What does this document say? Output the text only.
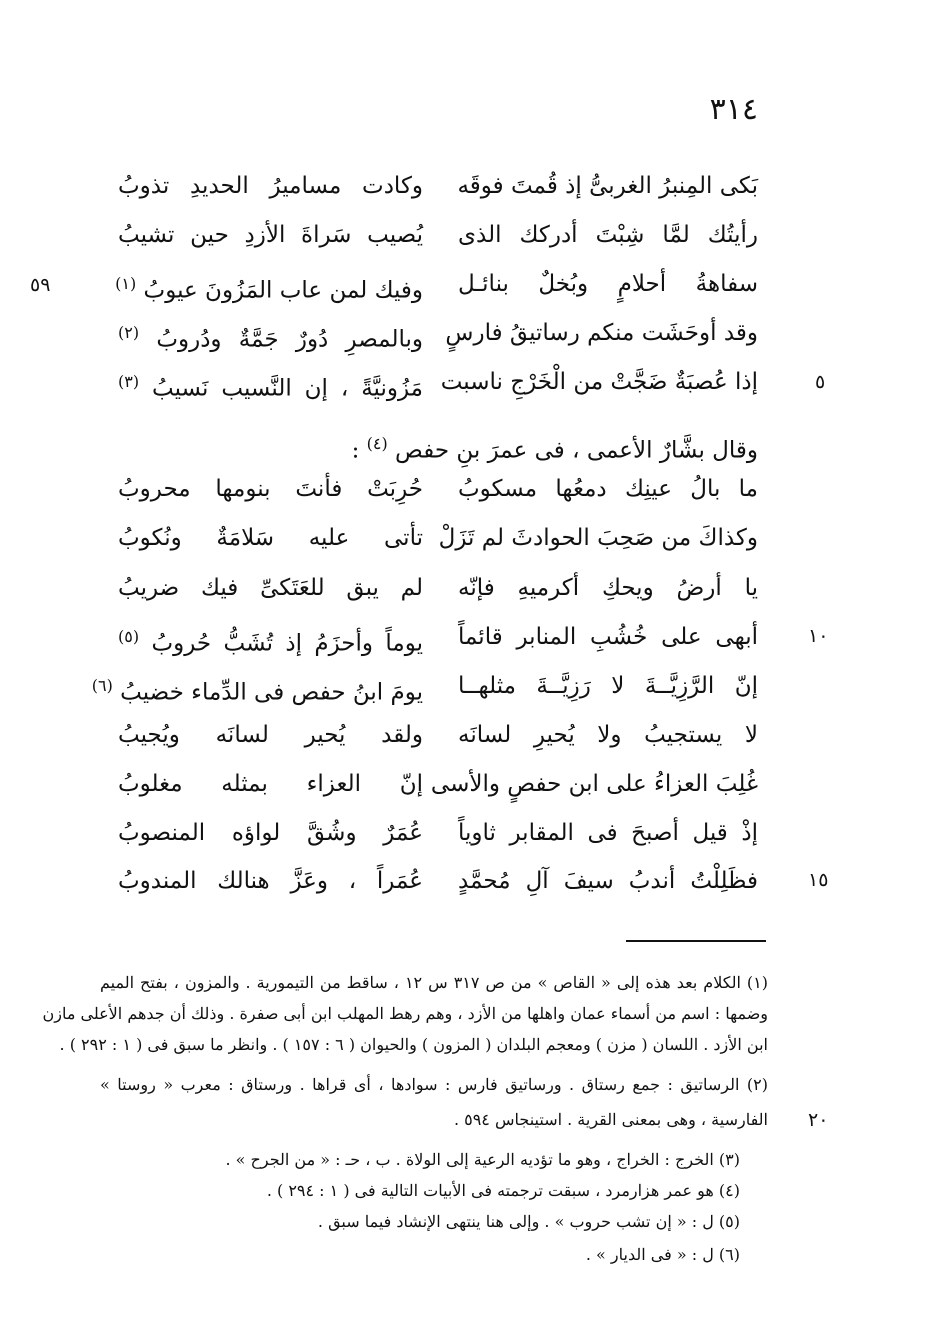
٣١٤
بَكى المِنبرُ الغربىُّ إذ قُمتَ فوقَه
وكادت مساميرُ الحديدِ تذوبُ
رأيتُك لمَّا شِبْتَ أدركك الذى
يُصيب سَراةَ الأزدِ حين تشيبُ
سفاهةُ أحلامٍ وبُخلٌ بنائـل
وفيك لمن عاب المَزُونَ عيوبُ $^{(١)}$
وقد أوحَشَت منكم رساتيقُ فارسٍ
وبالمصرِ دُورٌ جَمَّةٌ ودُروبُ $^{(٢)}$
إذا عُصبَةٌ ضَجَّتْ من الْخَرْجِ ناسبت
مَزُونيَّةً ، إن النَّسيب نَسيبُ $^{(٣)}$
وقال بشَّارٌ الأعمى ، فى عمرَ بنِ حفص $^{(٤)}$ :
ما بالُ عينِك دمعُها مسكوبُ
حُرِبَتْ فأنتَ بنومها محروبُ
وكذاكَ من صَحِبَ الحوادثَ لم تَزَلْ
تأتى عليه سَلامَةٌ ونُكوبُ
يا أرضُ ويحكِ أكرميهِ فإنّه
لم يبق للعَتَكىِّ فيك ضريبُ
أبهى على خُشُبِ المنابر قائماً
يوماً وأحزَمُ إذ تُشَبُّ حُروبُ $^{(٥)}$
إنّ الرَّزِيَّــةَ لا رَزِيَّــةَ مثلهــا
يومَ ابنُ حفص فى الدِّماء خضيبُ $^{(٦)}$
لا يستجيبُ ولا يُحيرِ لسانَه
ولقد يُحير لسانَه ويُجيبُ
غُلِبَ العزاءُ على ابن حفصٍ والأسى
إنّ العزاء بمثله مغلوبُ
إذْ قيل أصبحَ فى المقابر ثاوياً
عُمَرٌ وشُقَّ لواؤه المنصوبُ
فظَلِلْتُ أندبُ سيفَ آلِ مُحمَّدٍ
عُمَراً ، وعَزَّ هنالك المندوبُ
٥٩
٥
١٠
١٥
٢٠
(١) الكلام بعد هذه إلى « القاص » من ص ٣١٧ س ١٢ ، ساقط من التيمورية . والمزون ، بفتح الميم
وضمها : اسم من أسماء عمان واهلها من الأزد ، وهم رهط المهلب ابن أبى صفرة . وذلك أن جدهم الأعلى مازن
ابن الأزد . اللسان ( مزن ) ومعجم البلدان ( المزون ) والحيوان ( ٦ : ١٥٧ ) . وانظر ما سبق فى ( ١ : ٢٩٢ ) .
(٢) الرساتيق : جمع رستاق . ورساتيق فارس : سوادها ، أى قراها . ورستاق : معرب « روستا »
الفارسية ، وهى بمعنى القرية . استينجاس ٥٩٤ .
(٣) الخرج : الخراج ، وهو ما تؤديه الرعية إلى الولاة . ب ، حـ : « من الجرح » .
(٤) هو عمر هزارمرد ، سبقت ترجمته فى الأبيات التالية فى ( ١ : ٢٩٤ ) .
(٥) ل : « إن تشب حروب » . وإلى هنا ينتهى الإنشاد فيما سبق .
(٦) ل : « فى الديار » .
